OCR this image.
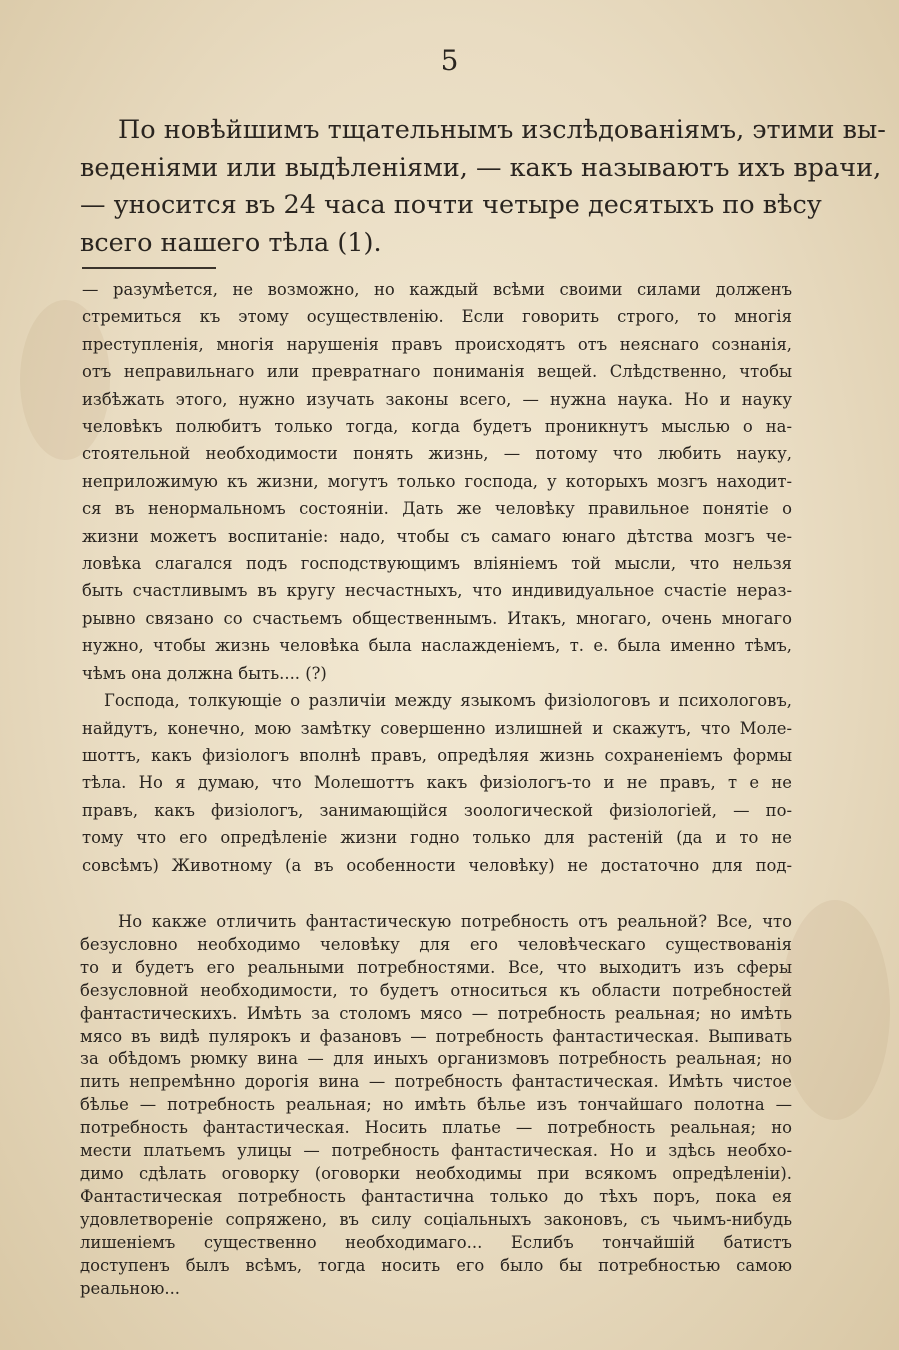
5
По новѣйшимъ тщательнымъ изслѣдованiямъ, этими вы-
веденiями или выдѣленiями, — какъ называютъ ихъ врачи,
— уносится въ 24 часа почти четыре десятыхъ по вѣсу
всего нашего тѣла (1).
— разумѣется, не возможно, но каждый всѣми своими силами долженъ
стремиться къ этому осуществленiю. Если говорить строго, то многiя
преступленiя, многiя нарушенiя правъ происходятъ отъ неяснаго сознанiя,
отъ неправильнаго или превратнаго пониманiя вещей. Слѣдственно, чтобы
избѣжать этого, нужно изучать законы всего, — нужна наука. Но и науку
человѣкъ полюбитъ только тогда, когда будетъ проникнутъ мыслью о на-
стоятельной необходимости понять жизнь, — потому что любить науку,
неприложимую къ жизни, могутъ только господа, у которыхъ мозгъ находит-
ся въ ненормальномъ состоянiи. Дать же человѣку правильное понятiе о
жизни можетъ воспитанiе: надо, чтобы съ самаго юнаго дѣтства мозгъ че-
ловѣка слагался подъ господствующимъ влiянiемъ той мысли, что нельзя
быть счастливымъ въ кругу несчастныхъ, что индивидуальное счастiе нераз-
рывно связано со счастьемъ общественнымъ. Итакъ, многаго, очень многаго
нужно, чтобы жизнь человѣка была наслажденiемъ, т. е. была именно тѣмъ,
чѣмъ она должна быть.... (?)
Господа, толкующiе о различiи между языкомъ физiологовъ и психологовъ,
найдутъ, конечно, мою замѣтку совершенно излишней и скажутъ, что Моле-
шоттъ, какъ физiологъ вполнѣ правъ, опредѣляя жизнь сохраненiемъ формы
тѣла. Но я думаю, что Молешоттъ какъ физiологъ-то и не правъ, т е не
правъ, какъ физiологъ, занимающiйся зоологической физiологiей, — по-
тому что его опредѣленiе жизни годно только для растенiй (да и то не
совсѣмъ) Животному (а въ особенности человѣку) не достаточно для под-
Но какже отличить фантастическую потребность отъ реальной? Все, что
безусловно необходимо человѣку для его человѣческаго существованiя
то и будетъ его реальными потребностями. Все, что выходитъ изъ сферы
безусловной необходимости, то будетъ относиться къ области потребностей
фантастическихъ. Имѣть за столомъ мясо — потребность реальная; но имѣть
мясо въ видѣ пулярокъ и фазановъ — потребность фантастическая. Выпивать
за обѣдомъ рюмку вина — для иныхъ организмовъ потребность реальная; но
пить непремѣнно дорогiя вина — потребность фантастическая. Имѣть чистое
бѣлье — потребность реальная; но имѣть бѣлье изъ тончайшаго полотна —
потребность фантастическая. Носить платье — потребность реальная; но
мести платьемъ улицы — потребность фантастическая. Но и здѣсь необхо-
димо сдѣлать оговорку (оговорки необходимы при всякомъ опредѣленiи).
Фантастическая потребность фантастична только до тѣхъ поръ, пока ея
удовлетворенiе сопряжено, въ силу соцiальныхъ законовъ, съ чьимъ-нибудь
лишенiемъ существенно необходимаго... Еслибъ тончайшiй батистъ
доступенъ былъ всѣмъ, тогда носить его было бы потребностью самою
реальною...
